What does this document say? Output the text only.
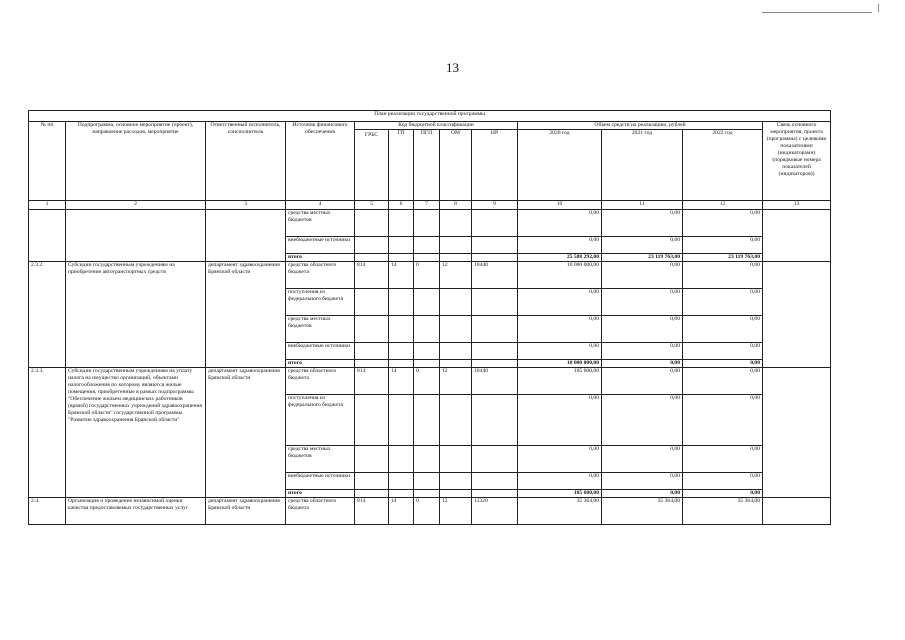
13
План реализации государственной программы												
№ пп	Подпрограмма, основное мероприятие (проект), направление расходов, мероприятие	Ответственный исполнитель, соисполнитель	Источник финансового обеспечения	Код бюджетной классификации					Объем средств на реализацию, рублей			Связь основного мероприятия, проекта (программы) с целевыми показателями (индикаторами) (порядковые номера показателей (индикаторов))
				ГРБС	ГП	ПГП	ОМ	НР	2020 год	2021 год	2022 год	
1	2	3	4	5	6	7	8	9	10	11	12	13
			средства местных бюджетов						0,00	0,00	0,00	
			внебюджетные источники						0,00	0,00	0,00	
			итого						25 588 292,00	23 119 763,00	23 119 763,00	
2.3.2.	Субсидии государственным учреждениям на приобретение автотранспортных средств	департамент здравоохранения Брянской области	средства областного бюджета	814	14	0	12	10440	10 000 000,00	0,00	0,00	
			поступления из федерального бюджета						0,00	0,00	0,00	
			средства местных бюджетов						0,00	0,00	0,00	
			внебюджетные источники						0,00	0,00	0,00	
			итого						10 000 000,00	0,00	0,00	
2.3.3.	Субсидии государственным учреждениям на уплату налога на имущество организаций, объектами налогообложения по которому являются жилые помещения, приобретенные в рамках подпрограммы "Обеспечение жильем медицинских работников (врачей) государственных учреждений здравоохранения Брянской области" государственной программы "Развитие здравоохранения Брянской области"	департамент здравоохранения Брянской области	средства областного бюджета	814	14	0	12	10440	105 600,00	0,00	0,00	
			поступления из федерального бюджета						0,00	0,00	0,00	
			средства местных бюджетов						0,00	0,00	0,00	
			внебюджетные источники						0,00	0,00	0,00	
			итого						105 600,00	0,00	0,00	
2.4.	Организация и проведение независимой оценки качества предоставляемых государственных услуг	департамент здравоохранения Брянской области	средства областного бюджета	814	14	0	12	11320	35 364,00	35 364,00	35 364,00	
